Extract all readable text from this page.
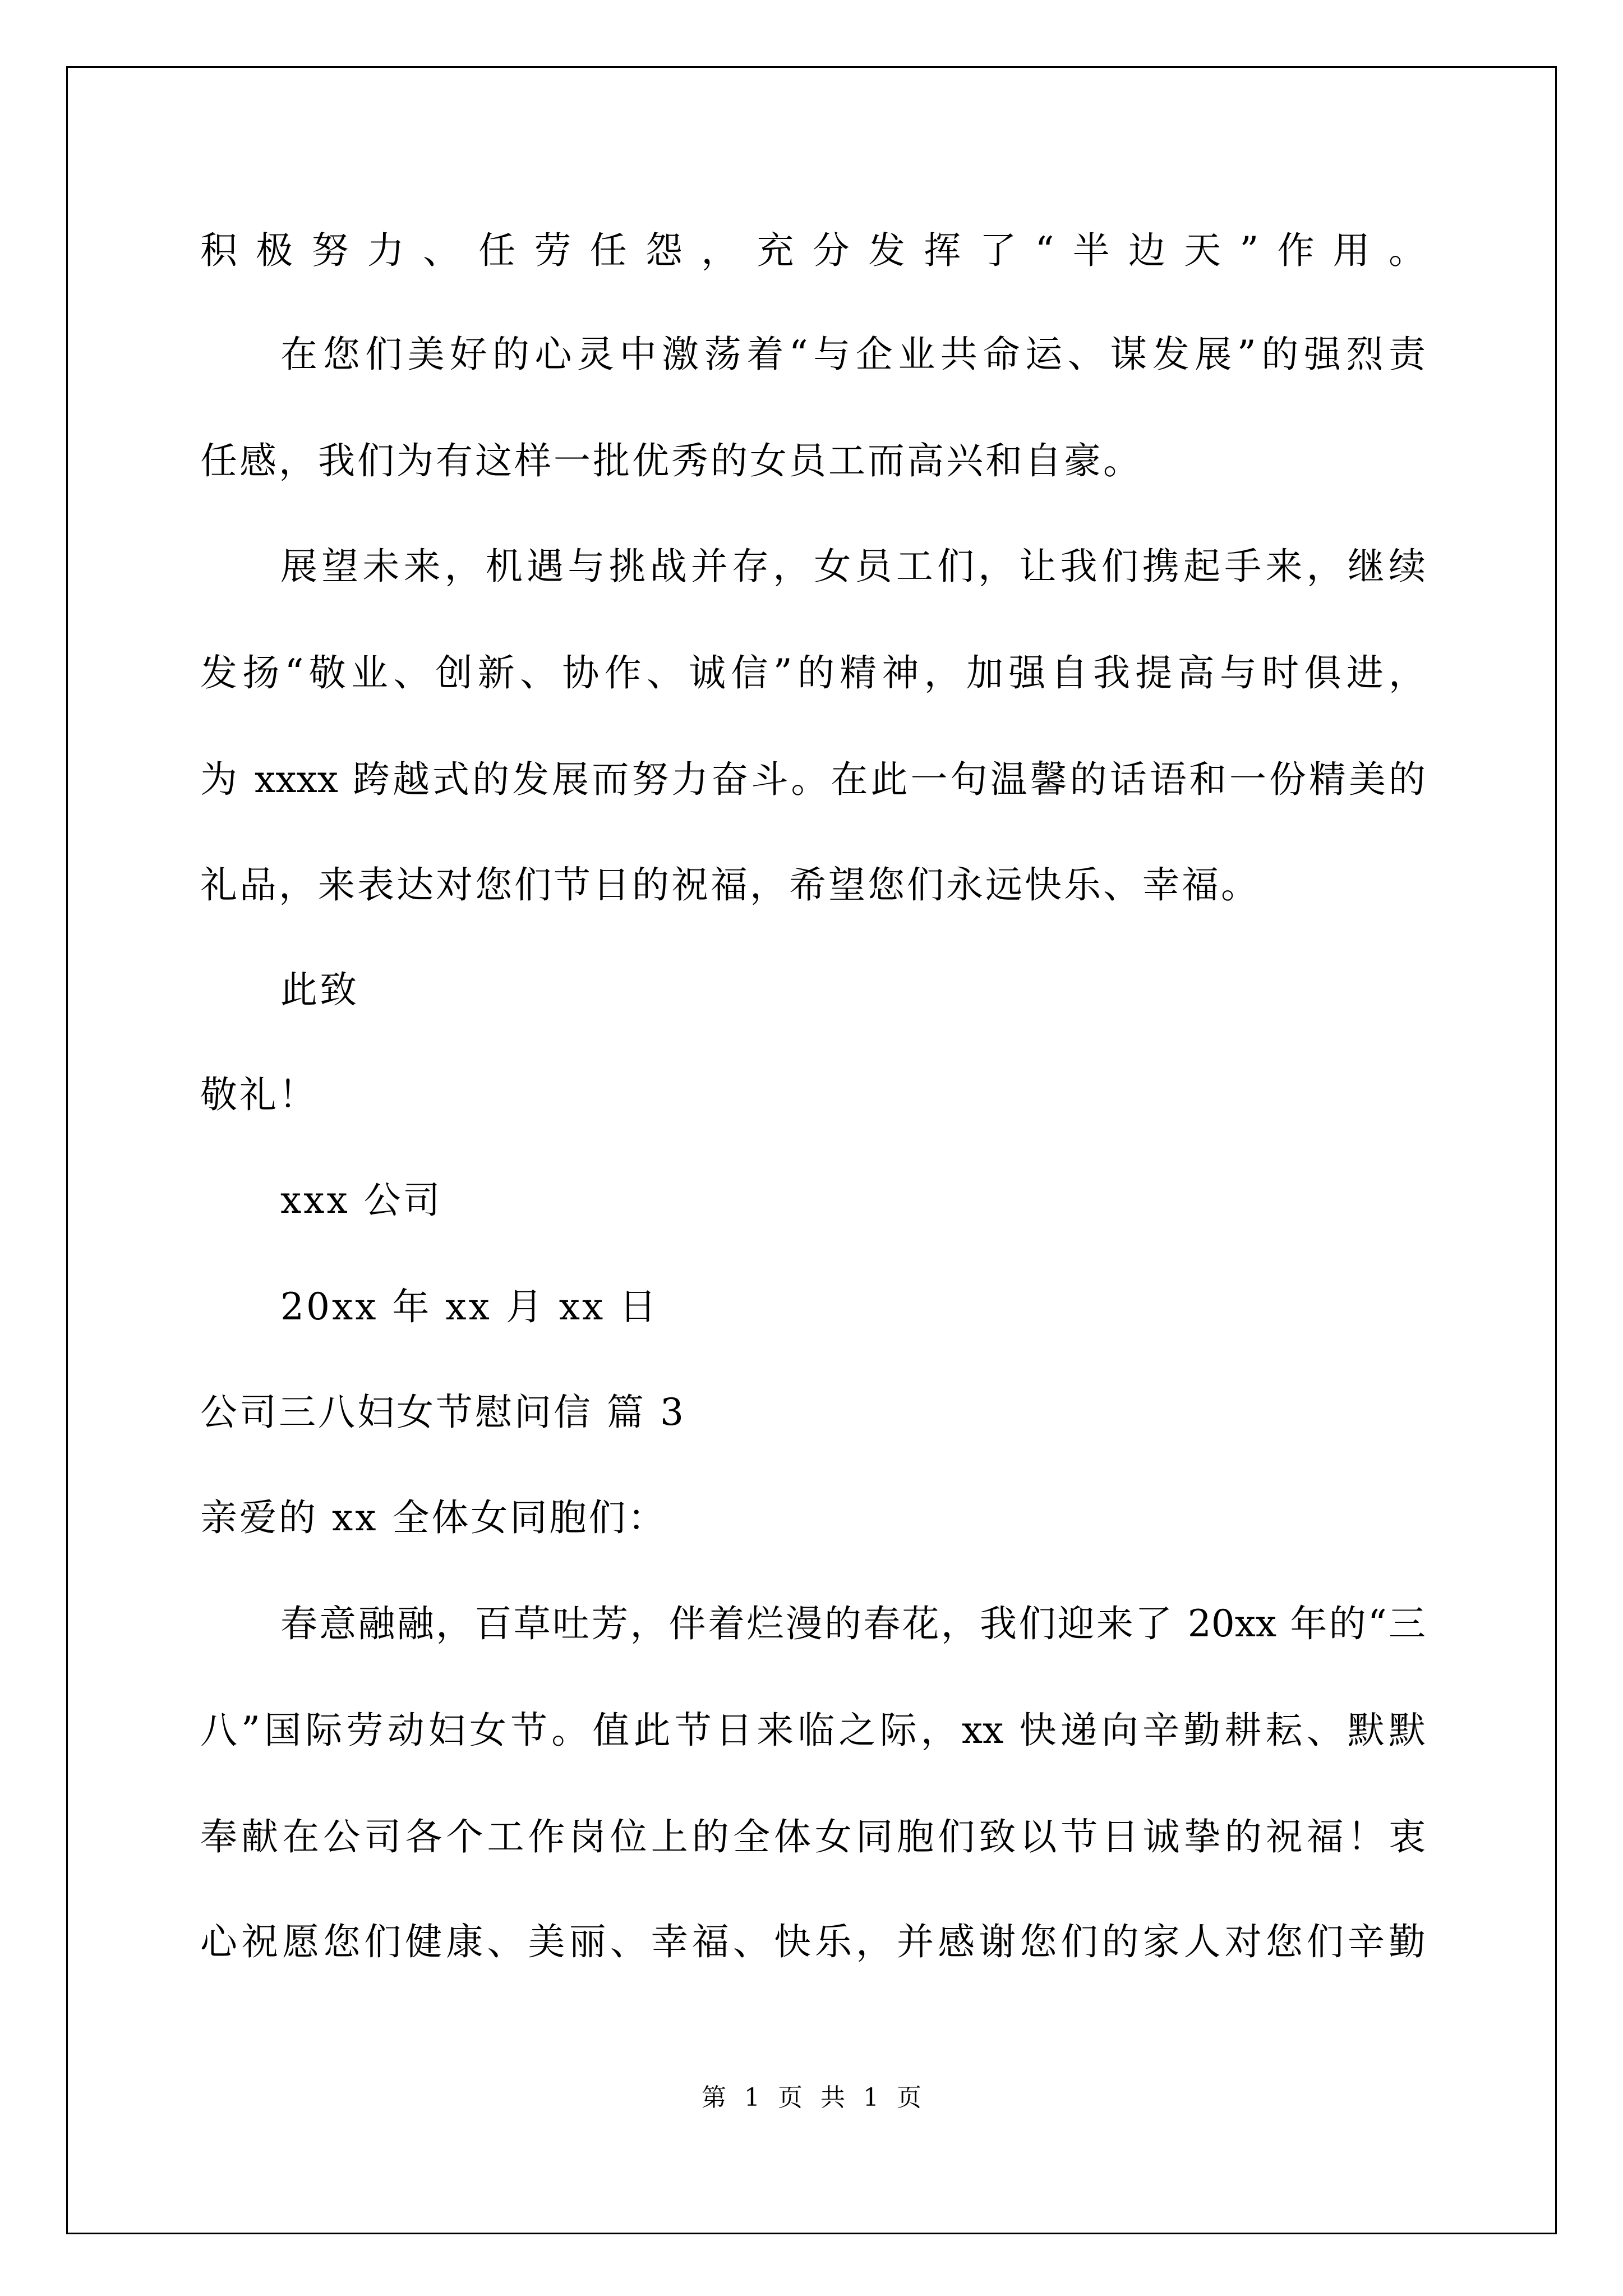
积极努力、任劳任怨，充分发挥了“半边天”作用。
在您们美好的心灵中激荡着“与企业共命运、谋发展”的强烈责
任感，我们为有这样一批优秀的女员工而高兴和自豪。
展望未来，机遇与挑战并存，女员工们，让我们携起手来，继续
发扬“敬业、创新、协作、诚信”的精神，加强自我提高与时俱进，
为 xxxx 跨越式的发展而努力奋斗。在此一句温馨的话语和一份精美的
礼品，来表达对您们节日的祝福，希望您们永远快乐、幸福。
此致
敬礼！
xxx 公司
20xx 年 xx 月 xx 日
公司三八妇女节慰问信 篇 3
亲爱的 xx 全体女同胞们：
春意融融，百草吐芳，伴着烂漫的春花，我们迎来了 20xx 年的“三
八”国际劳动妇女节。值此节日来临之际，xx 快递向辛勤耕耘、默默
奉献在公司各个工作岗位上的全体女同胞们致以节日诚挚的祝福！衷
心祝愿您们健康、美丽、幸福、快乐，并感谢您们的家人对您们辛勤
第 1 页 共 1 页
